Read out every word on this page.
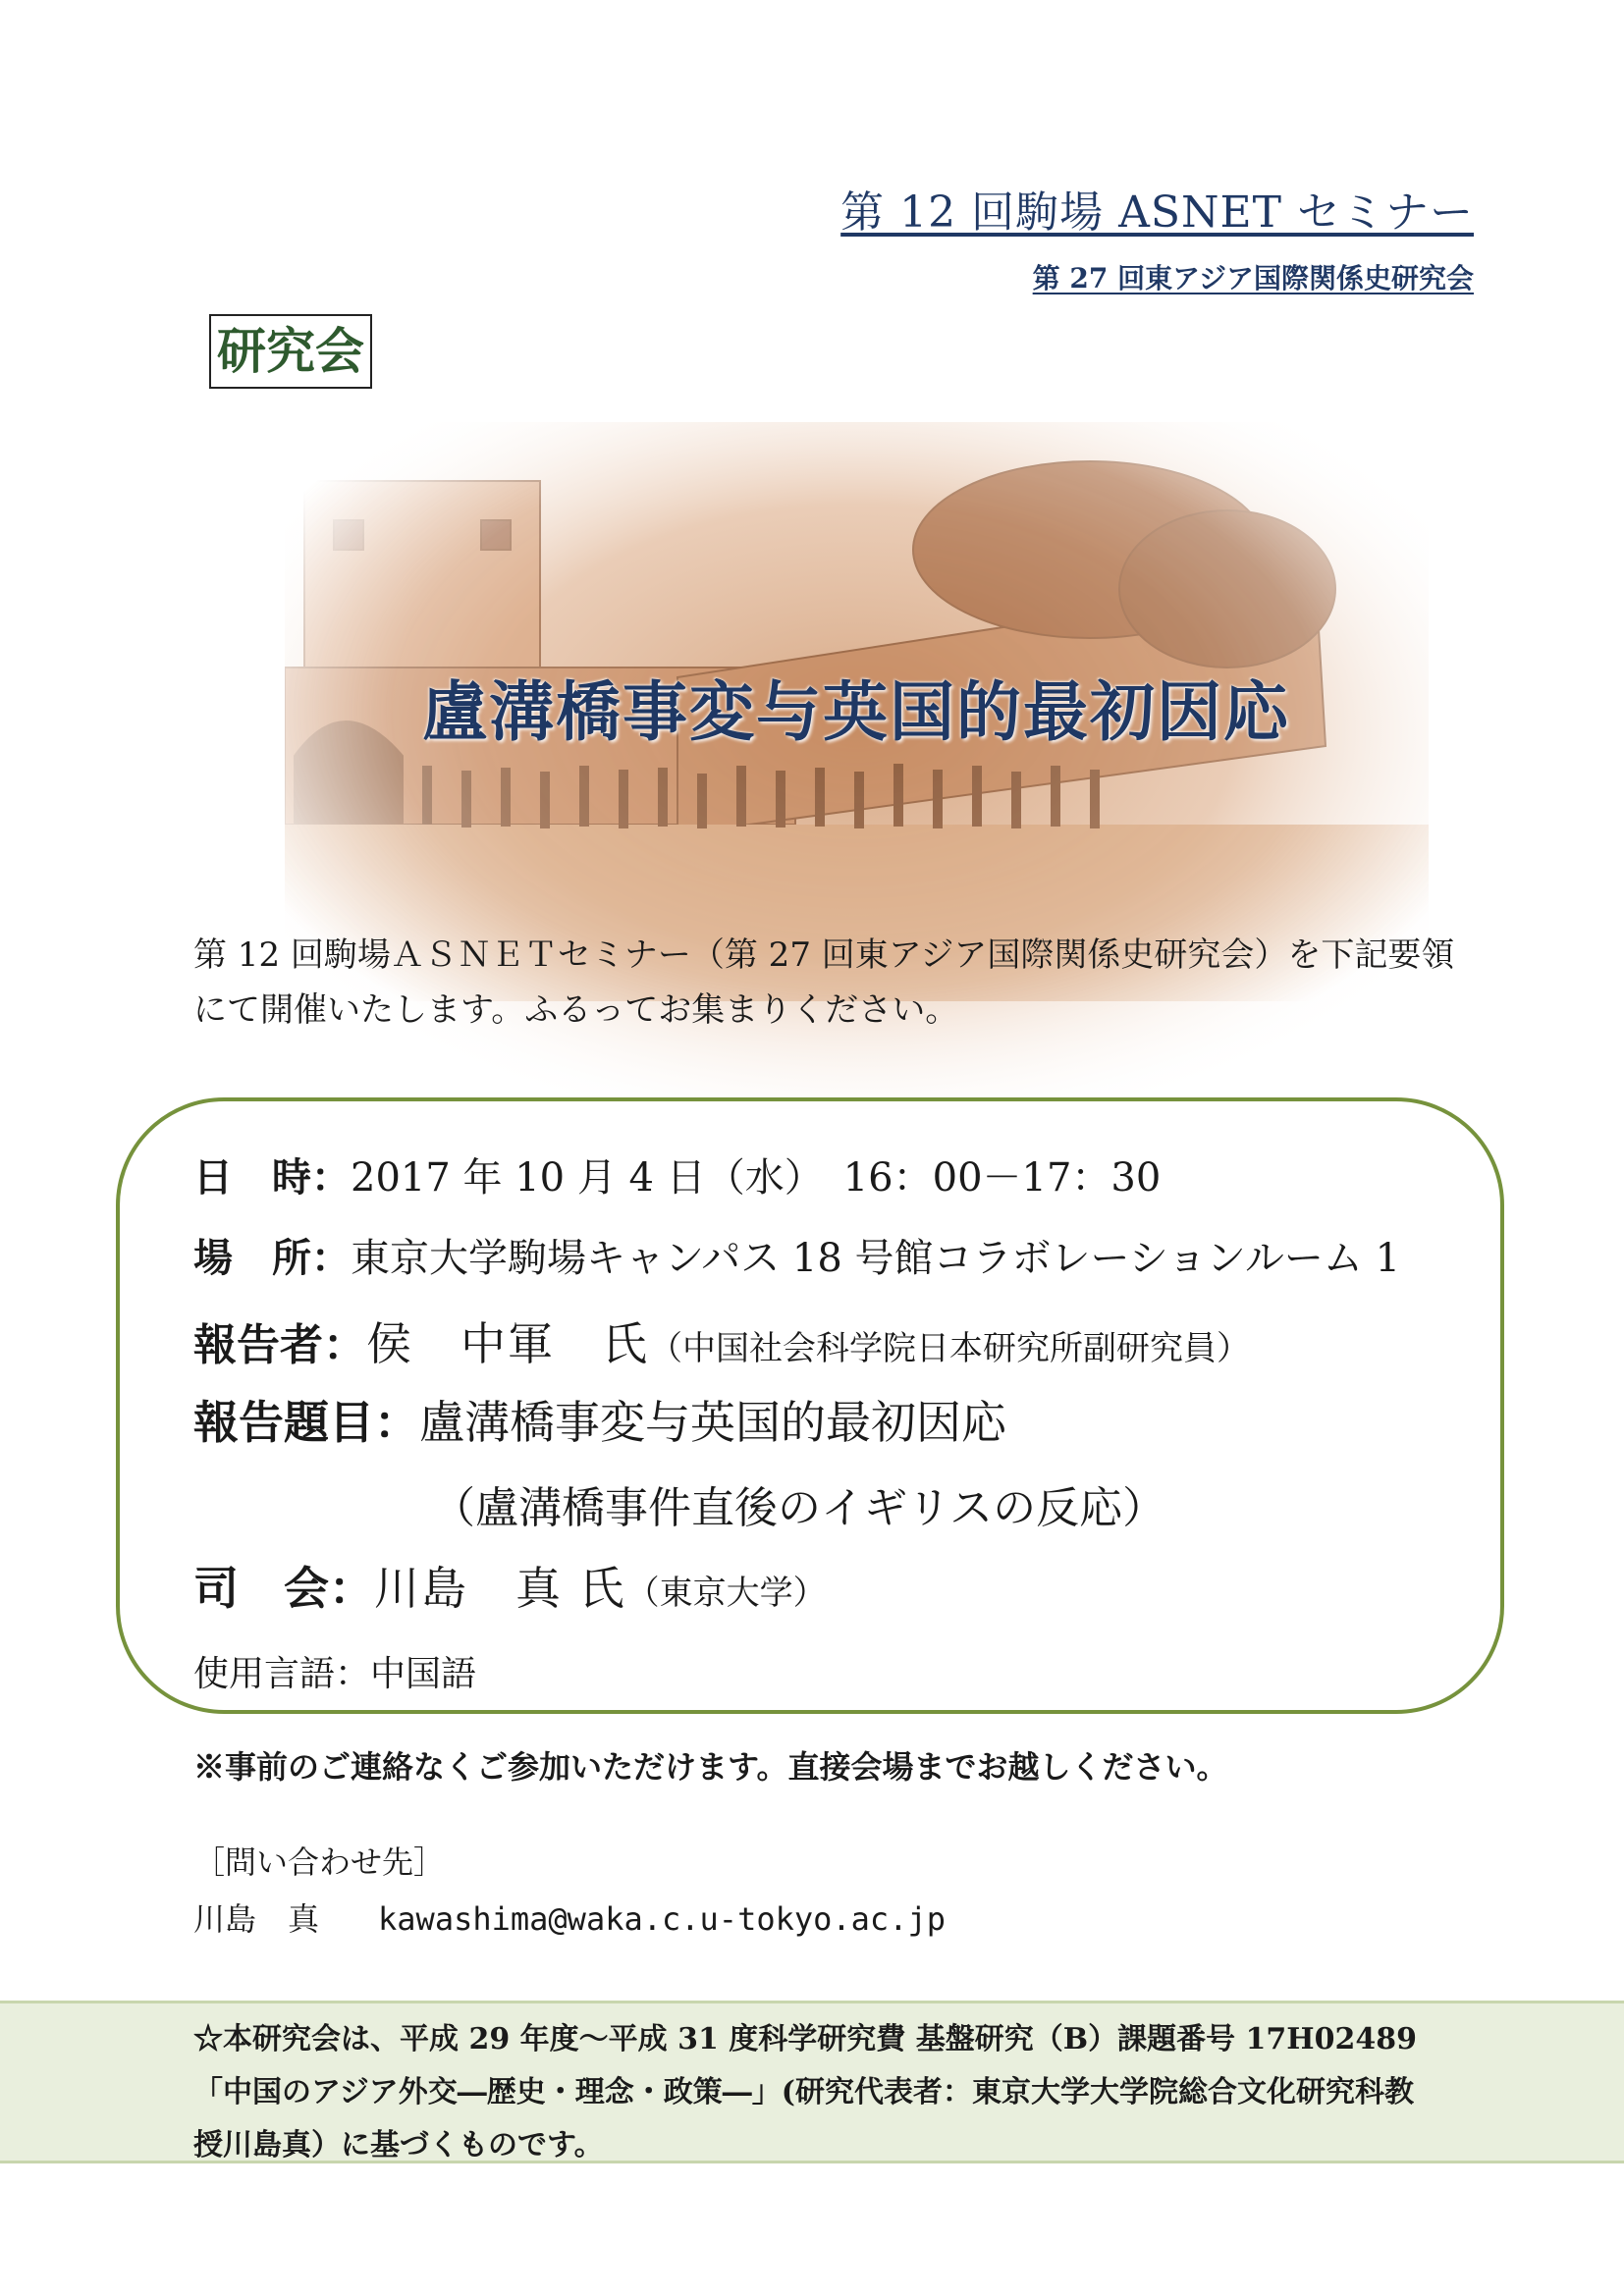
第 12 回駒場 ASNET セミナー
第 27 回東アジア国際関係史研究会
研究会
盧溝橋事変与英国的最初因応

第 12 回駒場ＡＳＮＥＴセミナー（第 27 回東アジア国際関係史研究会）を下記要領にて開催いたします。ふるってお集まりください。

日　時：2017 年 10 月 4 日（水）　16：00－17：30
場　所：東京大学駒場キャンパス 18 号館コラボレーションルーム 1
報告者：侯　中軍　氏（中国社会科学院日本研究所副研究員）
報告題目：盧溝橋事変与英国的最初因応
（盧溝橋事件直後のイギリスの反応）
司　会：川島　真 氏（東京大学）
使用言語：中国語
※事前のご連絡なくご参加いただけます。直接会場までお越しください。
［問い合わせ先］
川島　真 kawashima@waka.c.u-tokyo.ac.jp

☆本研究会は、平成 29 年度～平成 31 度科学研究費 基盤研究（B）課題番号 17H02489「中国のアジア外交―歴史・理念・政策―」(研究代表者：東京大学大学院総合文化研究科教授川島真）に基づくものです。
